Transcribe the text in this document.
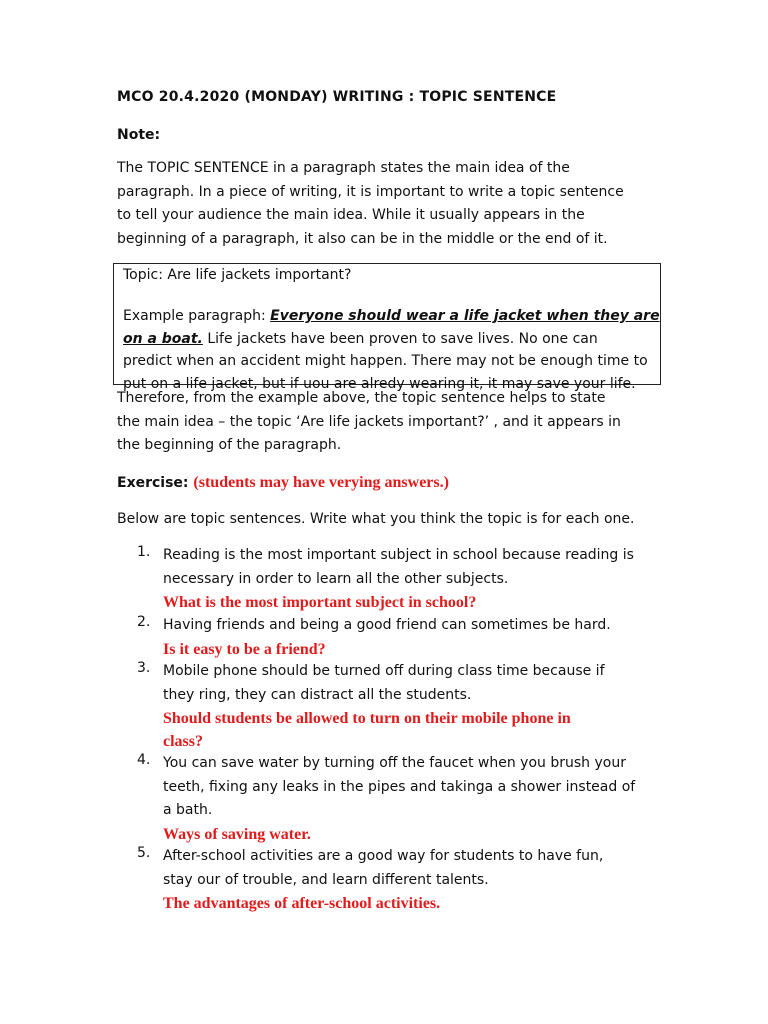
MCO 20.4.2020 (MONDAY) WRITING : TOPIC SENTENCE
Note:
The TOPIC SENTENCE in a paragraph states the main idea of the
paragraph. In a piece of writing, it is important to write a topic sentence
to tell your audience the main idea. While it usually appears in the
beginning of a paragraph, it also can be in the middle or the end of it.
Topic: Are life jackets important?
Example paragraph: Everyone should wear a life jacket when they are
on a boat. Life jackets have been proven to save lives. No one can
predict when an accident might happen. There may not be enough time to
put on a life jacket, but if uou are alredy wearing it, it may save your life.
Therefore, from the example above, the topic sentence helps to state
the main idea – the topic ‘Are life jackets important?’ , and it appears in
the beginning of the paragraph.
Exercise: (students may have verying answers.)
Below are topic sentences. Write what you think the topic is for each one.
1. Reading is the most important subject in school because reading is
necessary in order to learn all the other subjects.
What is the most important subject in school?
2. Having friends and being a good friend can sometimes be hard.
Is it easy to be a friend?
3. Mobile phone should be turned off during class time because if
they ring, they can distract all the students.
Should students be allowed to turn on their mobile phone in
class?
4. You can save water by turning off the faucet when you brush your
teeth, fixing any leaks in the pipes and takinga a shower instead of
a bath.
Ways of saving water.
5. After-school activities are a good way for students to have fun,
stay our of trouble, and learn different talents.
The advantages of after-school activities.
